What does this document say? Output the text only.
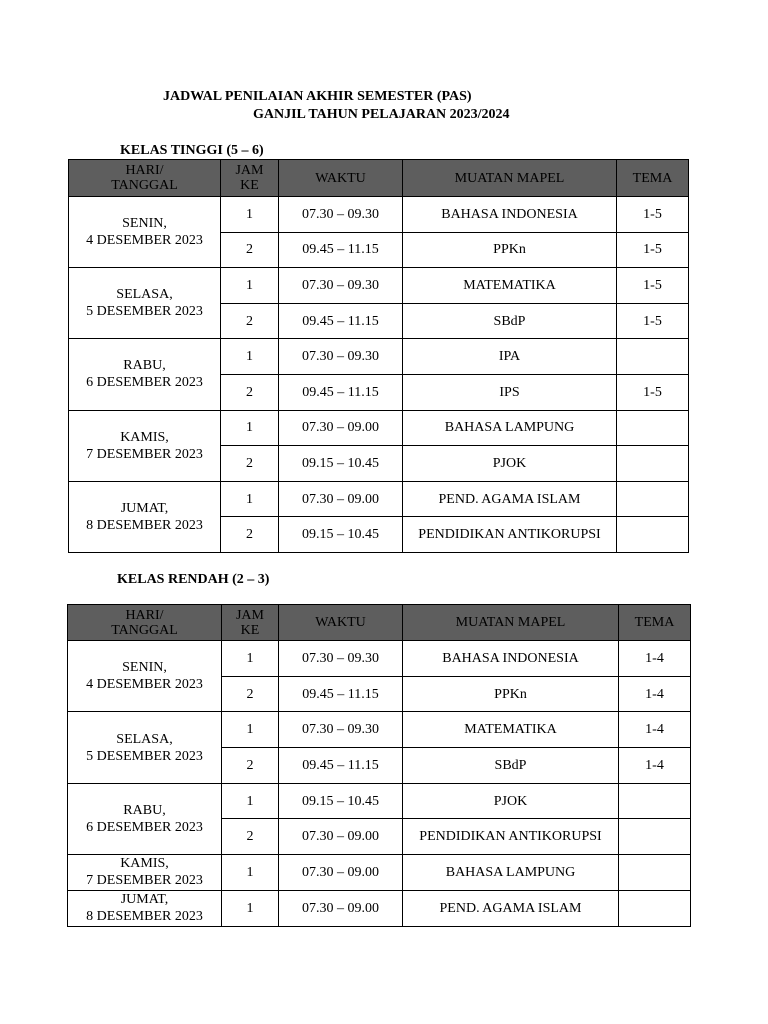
JADWAL PENILAIAN AKHIR SEMESTER (PAS)
GANJIL TAHUN PELAJARAN 2023/2024
KELAS TINGGI (5 – 6)
HARI/
TANGGAL	JAM
KE	WAKTU	MUATAN MAPEL	TEMA

SENIN,
4 DESEMBER 2023	1	07.30 – 09.30	BAHASA INDONESIA	1-5
	2	09.45 – 11.15	PPKn	1-5

SELASA,
5 DESEMBER 2023	1	07.30 – 09.30	MATEMATIKA	1-5
	2	09.45 – 11.15	SBdP	1-5

RABU,
6 DESEMBER 2023	1	07.30 – 09.30	IPA	
	2	09.45 – 11.15	IPS	1-5

KAMIS,
7 DESEMBER 2023	1	07.30 – 09.00	BAHASA LAMPUNG	
	2	09.15 – 10.45	PJOK	

JUMAT,
8 DESEMBER 2023	1	07.30 – 09.00	PEND. AGAMA ISLAM	
	2	09.15 – 10.45	PENDIDIKAN ANTIKORUPSI	
KELAS RENDAH (2 – 3)
HARI/
TANGGAL	JAM
KE	WAKTU	MUATAN MAPEL	TEMA

SENIN,
4 DESEMBER 2023	1	07.30 – 09.30	BAHASA INDONESIA	1-4
	2	09.45 – 11.15	PPKn	1-4

SELASA,
5 DESEMBER 2023	1	07.30 – 09.30	MATEMATIKA	1-4
	2	09.45 – 11.15	SBdP	1-4

RABU,
6 DESEMBER 2023	1	09.15 – 10.45	PJOK	
	2	07.30 – 09.00	PENDIDIKAN ANTIKORUPSI	

KAMIS,
7 DESEMBER 2023	1	07.30 – 09.00	BAHASA LAMPUNG	

JUMAT,
8 DESEMBER 2023	1	07.30 – 09.00	PEND. AGAMA ISLAM	
